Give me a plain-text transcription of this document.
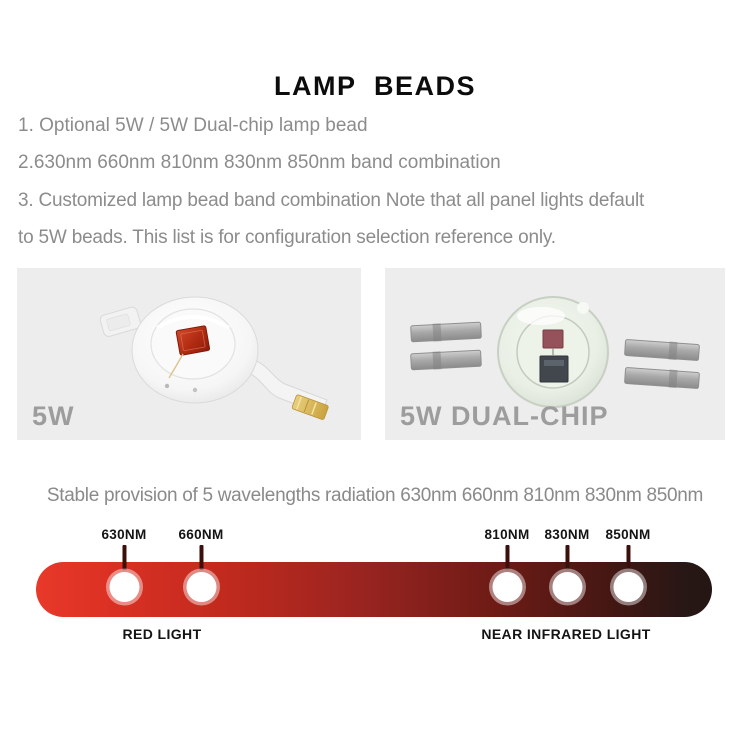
LAMP BEADS

1. Optional 5W / 5W Dual-chip lamp bead

2.630nm 660nm 810nm 830nm 850nm band combination

3. Customized lamp bead band combination Note that all panel lights default

to 5W beads. This list is for configuration selection reference only.

5W	5W DUAL-CHIP

Stable provision of 5 wavelengths radiation 630nm 660nm 810nm 830nm 850nm

630NM 660NM	810NM 830NM 850NM
RED LIGHT	NEAR INFRARED LIGHT
